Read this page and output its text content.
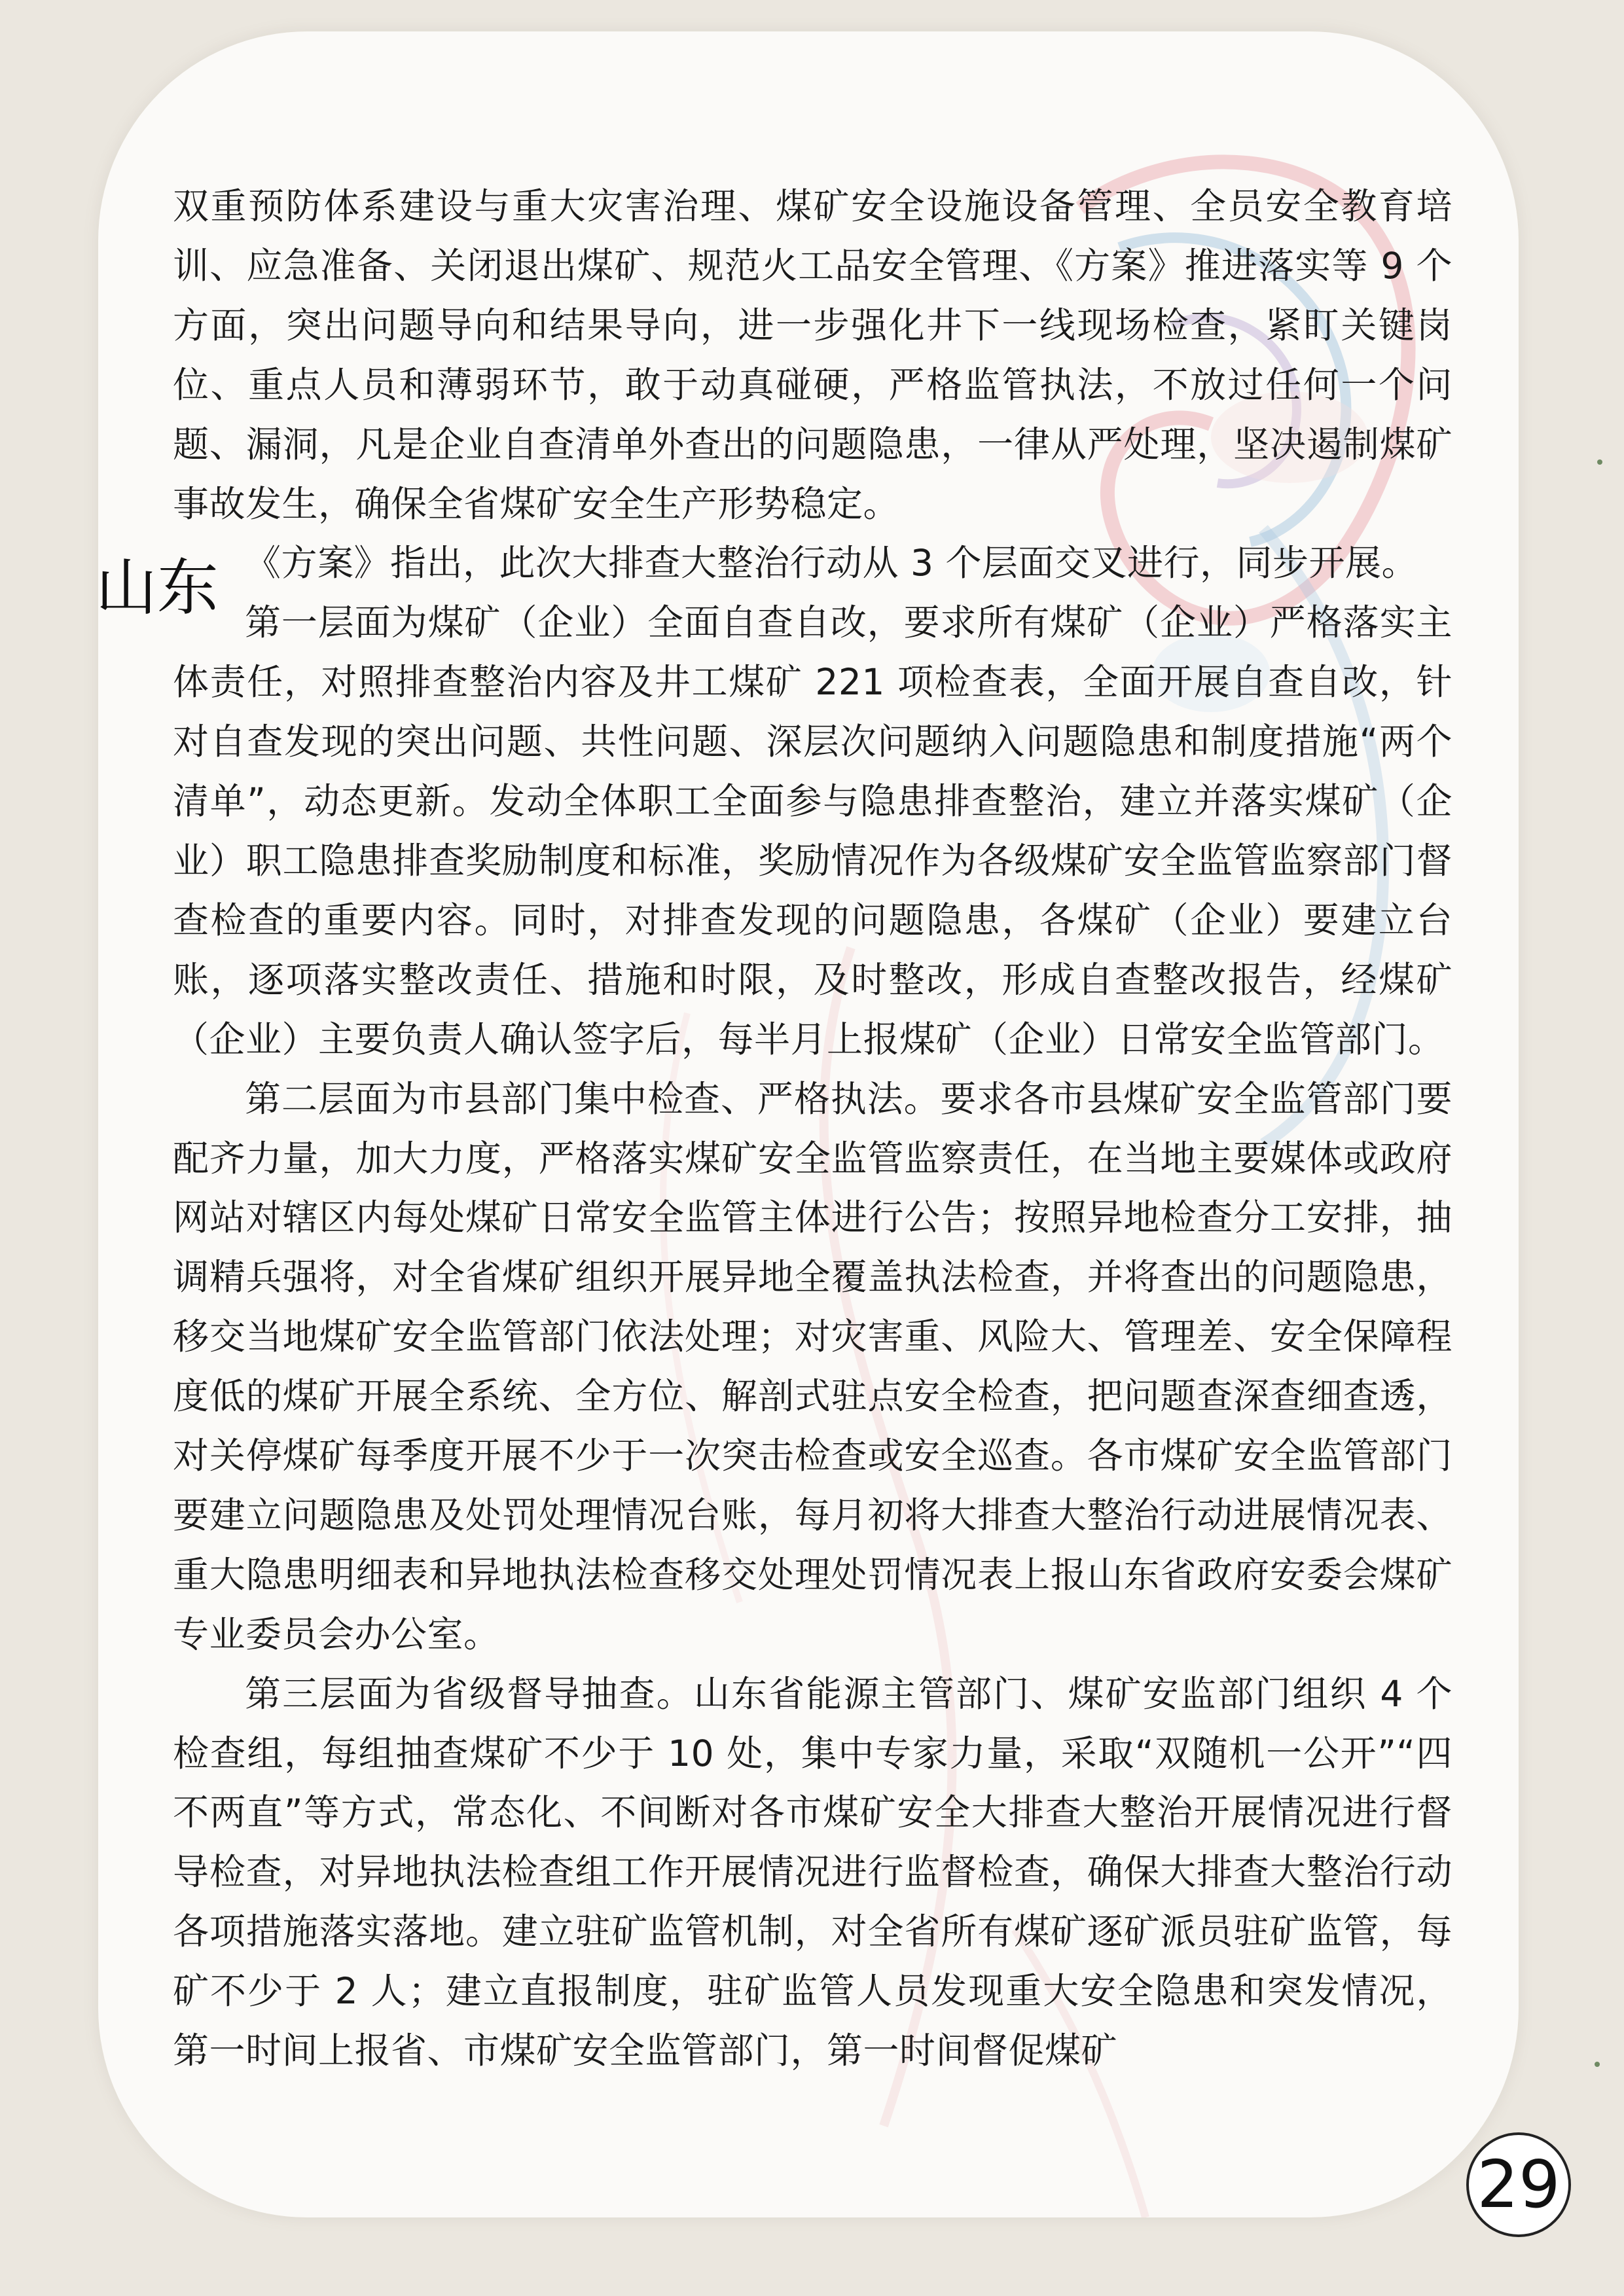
山东

双重预防体系建设与重大灾害治理、煤矿安全设施设备管理、全员安全教育培训、应急准备、关闭退出煤矿、规范火工品安全管理、《方案》推进落实等 9 个方面，突出问题导向和结果导向，进一步强化井下一线现场检查，紧盯关键岗位、重点人员和薄弱环节，敢于动真碰硬，严格监管执法，不放过任何一个问题、漏洞，凡是企业自查清单外查出的问题隐患，一律从严处理，坚决遏制煤矿事故发生，确保全省煤矿安全生产形势稳定。

《方案》指出，此次大排查大整治行动从 3 个层面交叉进行，同步开展。

第一层面为煤矿（企业）全面自查自改，要求所有煤矿（企业）严格落实主体责任，对照排查整治内容及井工煤矿 221 项检查表，全面开展自查自改，针对自查发现的突出问题、共性问题、深层次问题纳入问题隐患和制度措施“两个清单”，动态更新。发动全体职工全面参与隐患排查整治，建立并落实煤矿（企业）职工隐患排查奖励制度和标准，奖励情况作为各级煤矿安全监管监察部门督查检查的重要内容。同时，对排查发现的问题隐患，各煤矿（企业）要建立台账，逐项落实整改责任、措施和时限，及时整改，形成自查整改报告，经煤矿（企业）主要负责人确认签字后，每半月上报煤矿（企业）日常安全监管部门。

第二层面为市县部门集中检查、严格执法。要求各市县煤矿安全监管部门要配齐力量，加大力度，严格落实煤矿安全监管监察责任，在当地主要媒体或政府网站对辖区内每处煤矿日常安全监管主体进行公告；按照异地检查分工安排，抽调精兵强将，对全省煤矿组织开展异地全覆盖执法检查，并将查出的问题隐患，移交当地煤矿安全监管部门依法处理；对灾害重、风险大、管理差、安全保障程度低的煤矿开展全系统、全方位、解剖式驻点安全检查，把问题查深查细查透，对关停煤矿每季度开展不少于一次突击检查或安全巡查。各市煤矿安全监管部门要建立问题隐患及处罚处理情况台账，每月初将大排查大整治行动进展情况表、重大隐患明细表和异地执法检查移交处理处罚情况表上报山东省政府安委会煤矿专业委员会办公室。

第三层面为省级督导抽查。山东省能源主管部门、煤矿安监部门组织 4 个检查组，每组抽查煤矿不少于 10 处，集中专家力量，采取“双随机一公开”“四不两直”等方式，常态化、不间断对各市煤矿安全大排查大整治开展情况进行督导检查，对异地执法检查组工作开展情况进行监督检查，确保大排查大整治行动各项措施落实落地。建立驻矿监管机制，对全省所有煤矿逐矿派员驻矿监管，每矿不少于 2 人；建立直报制度，驻矿监管人员发现重大安全隐患和突发情况，第一时间上报省、市煤矿安全监管部门，第一时间督促煤矿

29
